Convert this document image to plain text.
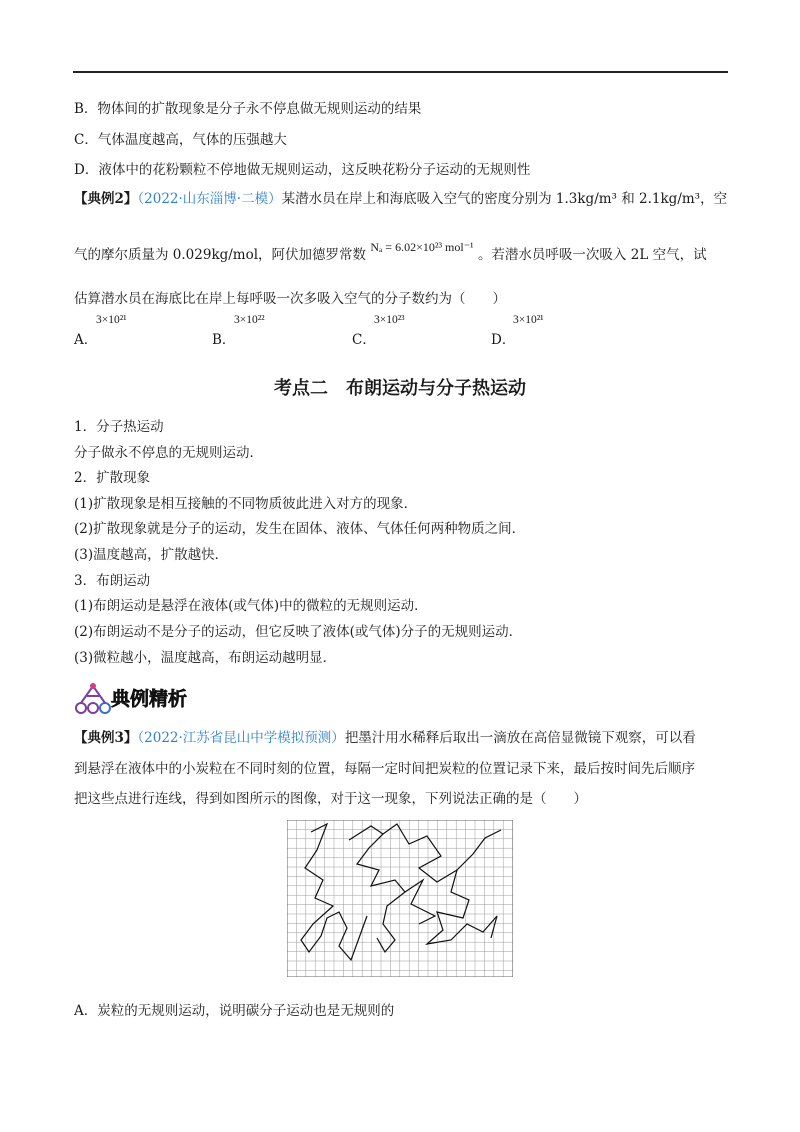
B．物体间的扩散现象是分子永不停息做无规则运动的结果
C．气体温度越高，气体的压强越大
D．液体中的花粉颗粒不停地做无规则运动，这反映花粉分子运动的无规则性
【典例2】（2022·山东淄博·二模）某潜水员在岸上和海底吸入空气的密度分别为 1.3kg/m³ 和 2.1kg/m³，空
气的摩尔质量为 0.029kg/mol，阿伏加德罗常数 Nₐ = 6.02×10²³ mol⁻¹ 。若潜水员呼吸一次吸入 2L 空气，试
估算潜水员在海底比在岸上每呼吸一次多吸入空气的分子数约为（　　）
A．
3×10²¹
B．
3×10²²
C．
3×10²³
D．
3×10²¹
考点二　布朗运动与分子热运动
1．分子热运动
分子做永不停息的无规则运动．
2．扩散现象
(1)扩散现象是相互接触的不同物质彼此进入对方的现象．
(2)扩散现象就是分子的运动，发生在固体、液体、气体任何两种物质之间．
(3)温度越高，扩散越快．
3．布朗运动
(1)布朗运动是悬浮在液体(或气体)中的微粒的无规则运动．
(2)布朗运动不是分子的运动，但它反映了液体(或气体)分子的无规则运动．
(3)微粒越小，温度越高，布朗运动越明显．
典例精析
【典例3】（2022·江苏省昆山中学模拟预测）把墨汁用水稀释后取出一滴放在高倍显微镜下观察，可以看
到悬浮在液体中的小炭粒在不同时刻的位置，每隔一定时间把炭粒的位置记录下来，最后按时间先后顺序
把这些点进行连线，得到如图所示的图像，对于这一现象，下列说法正确的是（　　）
A．炭粒的无规则运动，说明碳分子运动也是无规则的
